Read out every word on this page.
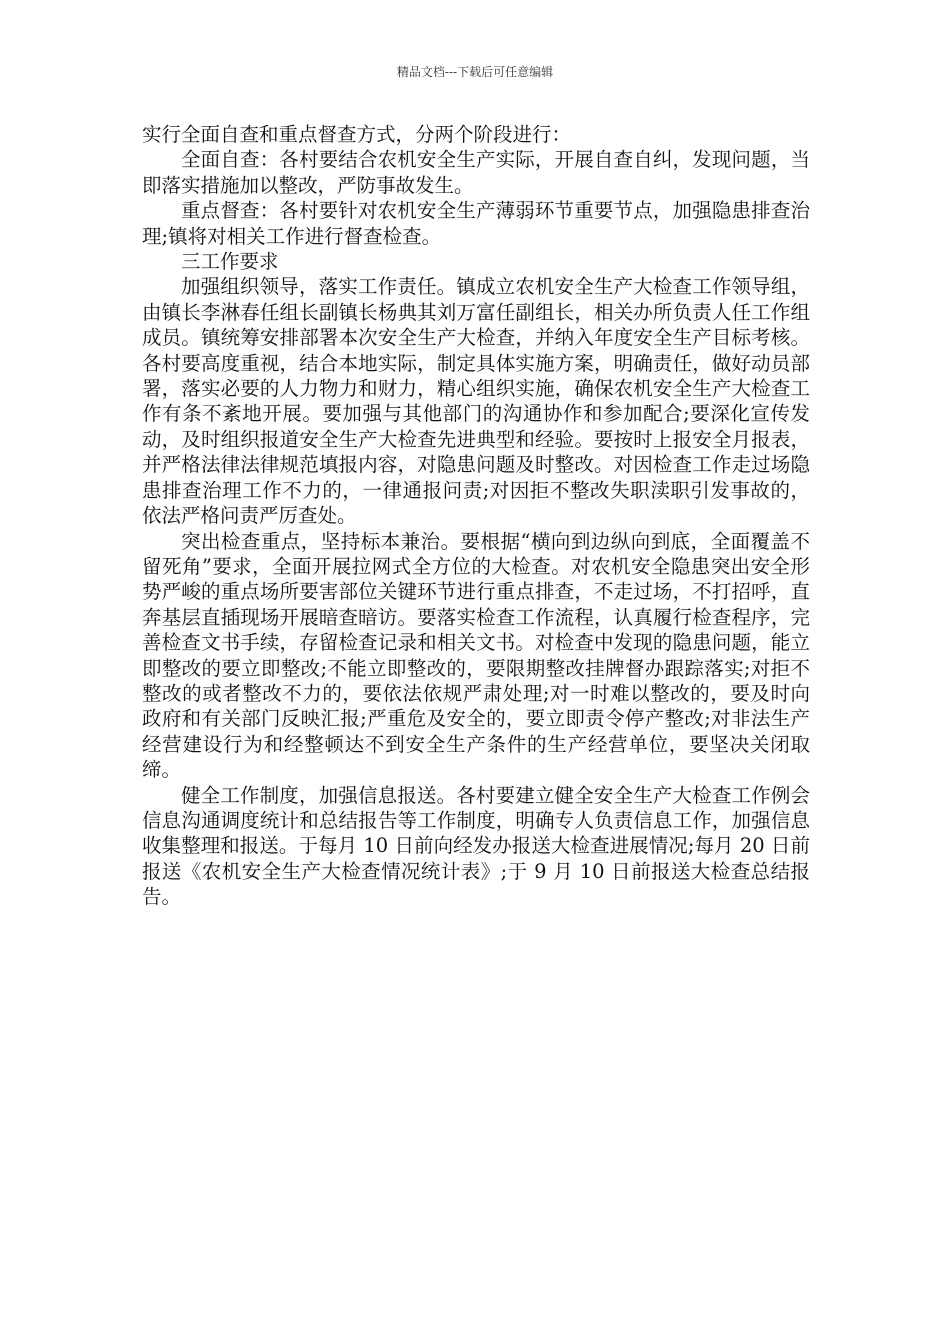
精品文档---下载后可任意编辑

实行全面自查和重点督查方式，分两个阶段进行：

全面自查：各村要结合农机安全生产实际，开展自查自纠，发现问题，当即落实措施加以整改，严防事故发生。

重点督查：各村要针对农机安全生产薄弱环节重要节点，加强隐患排查治理;镇将对相关工作进行督查检查。

三工作要求

加强组织领导，落实工作责任。镇成立农机安全生产大检查工作领导组，由镇长李淋春任组长副镇长杨典其刘万富任副组长，相关办所负责人任工作组成员。镇统筹安排部署本次安全生产大检查，并纳入年度安全生产目标考核。各村要高度重视，结合本地实际，制定具体实施方案，明确责任，做好动员部署，落实必要的人力物力和财力，精心组织实施，确保农机安全生产大检查工作有条不紊地开展。要加强与其他部门的沟通协作和参加配合;要深化宣传发动，及时组织报道安全生产大检查先进典型和经验。要按时上报安全月报表，并严格法律法律规范填报内容，对隐患问题及时整改。对因检查工作走过场隐患排查治理工作不力的，一律通报问责;对因拒不整改失职渎职引发事故的，依法严格问责严厉查处。

突出检查重点，坚持标本兼治。要根据“横向到边纵向到底，全面覆盖不留死角”要求，全面开展拉网式全方位的大检查。对农机安全隐患突出安全形势严峻的重点场所要害部位关键环节进行重点排查，不走过场，不打招呼，直奔基层直插现场开展暗查暗访。要落实检查工作流程，认真履行检查程序，完善检查文书手续，存留检查记录和相关文书。对检查中发现的隐患问题，能立即整改的要立即整改;不能立即整改的，要限期整改挂牌督办跟踪落实;对拒不整改的或者整改不力的，要依法依规严肃处理;对一时难以整改的，要及时向政府和有关部门反映汇报;严重危及安全的，要立即责令停产整改;对非法生产经营建设行为和经整顿达不到安全生产条件的生产经营单位，要坚决关闭取缔。

健全工作制度，加强信息报送。各村要建立健全安全生产大检查工作例会信息沟通调度统计和总结报告等工作制度，明确专人负责信息工作，加强信息收集整理和报送。于每月 10 日前向经发办报送大检查进展情况;每月 20 日前报送《农机安全生产大检查情况统计表》;于 9 月 10 日前报送大检查总结报告。
